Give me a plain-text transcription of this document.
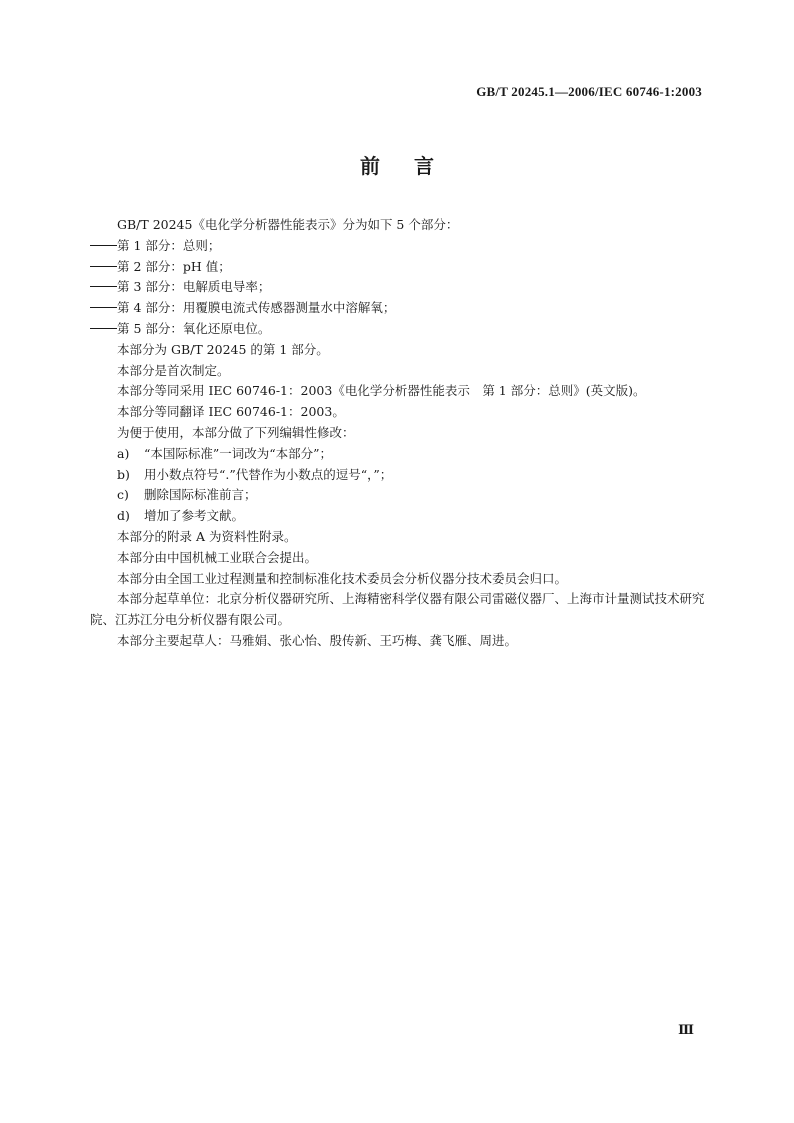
GB/T 20245.1—2006/IEC 60746-1:2003
前言

GB/T 20245《电化学分析器性能表示》分为如下 5 个部分：

第 1 部分：总则；

第 2 部分：pH 值；

第 3 部分：电解质电导率；

第 4 部分：用覆膜电流式传感器测量水中溶解氧；

第 5 部分：氧化还原电位。

本部分为 GB/T 20245 的第 1 部分。

本部分是首次制定。

本部分等同采用 IEC 60746-1：2003《电化学分析器性能表示　第 1 部分：总则》(英文版)。

本部分等同翻译 IEC 60746-1：2003。

为便于使用，本部分做了下列编辑性修改：

a) “本国际标准”一词改为“本部分”；

b) 用小数点符号“.”代替作为小数点的逗号“，”；

c) 删除国际标准前言；

d) 增加了参考文献。

本部分的附录 A 为资料性附录。

本部分由中国机械工业联合会提出。

本部分由全国工业过程测量和控制标准化技术委员会分析仪器分技术委员会归口。

本部分起草单位：北京分析仪器研究所、上海精密科学仪器有限公司雷磁仪器厂、上海市计量测试技术研究院、江苏江分电分析仪器有限公司。

本部分主要起草人：马雅娟、张心怡、殷传新、王巧梅、龚飞雁、周进。

Ⅲ
